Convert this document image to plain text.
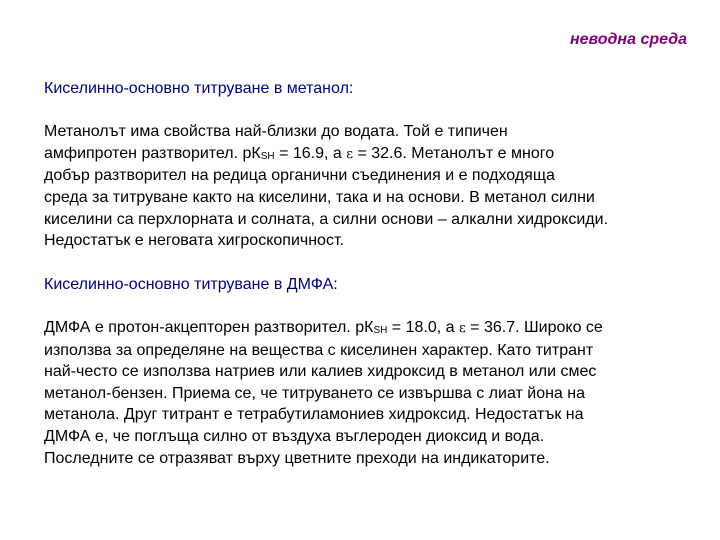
неводна среда
Киселинно-основно титруване в метанол:
Метанолът има свойства най-близки до водата. Той е типичен
амфипротен разтворител. $рК_{SH} = 16.9$, а ε = 32.6. Метанолът е много
добър разтворител на редица органични съединения и е подходяща
среда за титруване както на киселини, така и на основи. В метанол силни
киселини са перхлорната и солната, а силни основи – алкални хидроксиди.
Недостатък е неговата хигроскопичност.
Киселинно-основно титруване в ДМФА:
ДМФА е протон-акцепторен разтворител. $рК_{SH} = 18.0$, а ε = 36.7. Широко се
използва за определяне на вещества с киселинен характер. Като титрант
най-често се използва натриев или калиев хидроксид в метанол или смес
метанол-бензен. Приема се, че титруването се извършва с лиат йона на
метанола. Друг титрант е тетрабутиламониев хидроксид. Недостатък на
ДМФА е, че поглъща силно от въздуха въглероден диоксид и вода.
Последните се отразяват върху цветните преходи на индикаторите.
